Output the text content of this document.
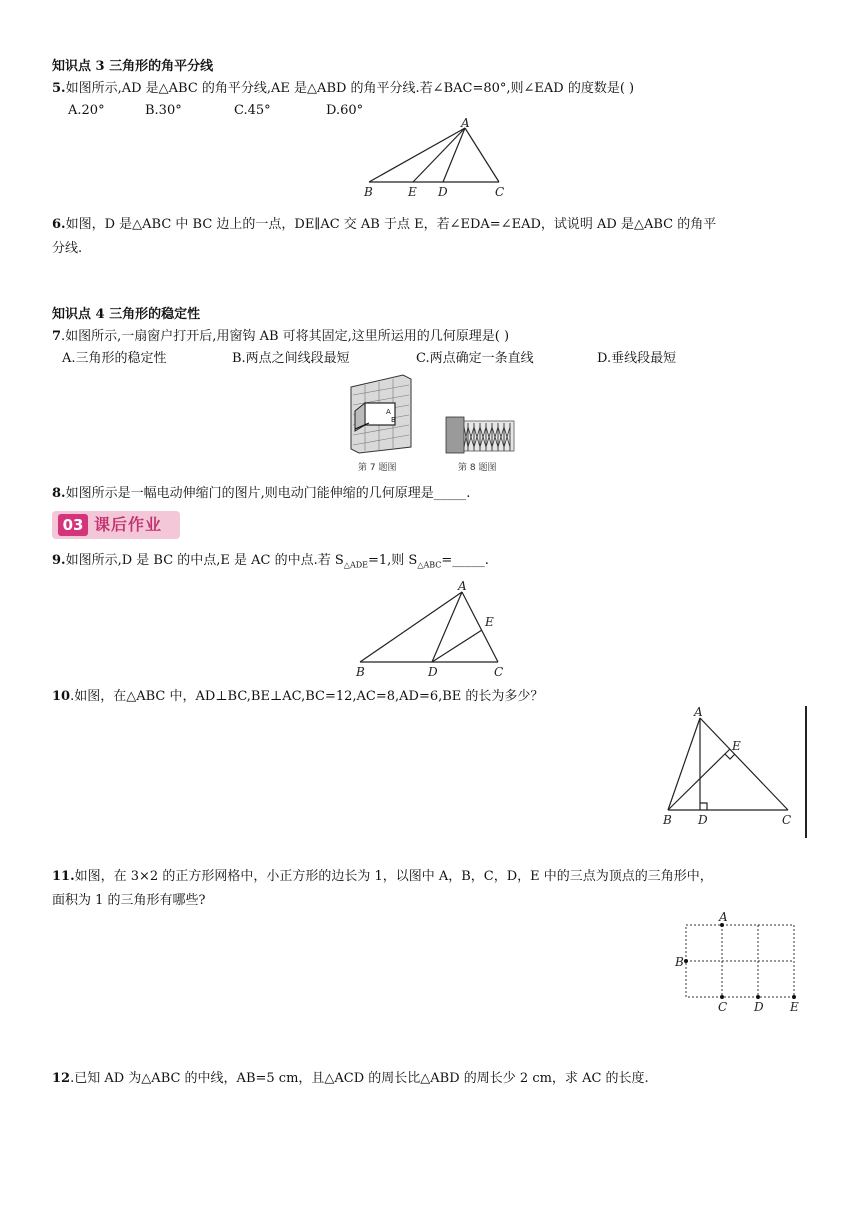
知识点 3 三角形的角平分线
5.如图所示,AD 是△ABC 的角平分线,AE 是△ABD 的角平分线.若∠BAC=80°,则∠EAD 的度数是( )
A.20°	B.30°	C.45°	D.60°
A
B	E D	C
6.如图，D 是△ABC 中 BC 边上的一点，DE∥AC 交 AB 于点 E，若∠EDA=∠EAD，试说明 AD 是△ABC 的角平
分线.
知识点 4 三角形的稳定性
7.如图所示,一扇窗户打开后,用窗钩 AB 可将其固定,这里所运用的几何原理是( )
A.三角形的稳定性	B.两点之间线段最短	C.两点确定一条直线	D.垂线段最短
A
B
第 7 题图	第 8 题图
8.如图所示是一幅电动伸缩门的图片,则电动门能伸缩的几何原理是_____.
03 课后作业
9.如图所示,D 是 BC 的中点,E 是 AC 的中点.若 $S_{\triangle ADE}=1$,则 $S_{\triangle ABC}=\_\_\_\_\_$.
A
E
B	D	C
10.如图，在△ABC 中，AD⊥BC,BE⊥AC,BC=12,AC=8,AD=6,BE 的长为多少？
A
E
B D	C
11.如图，在 3×2 的正方形网格中，小正方形的边长为 1，以图中 A，B，C，D，E 中的三点为顶点的三角形中，
面积为 1 的三角形有哪些?
A
B
C D E
12.已知 AD 为△ABC 的中线，AB=5 cm，且△ACD 的周长比△ABD 的周长少 2 cm，求 AC 的长度.
